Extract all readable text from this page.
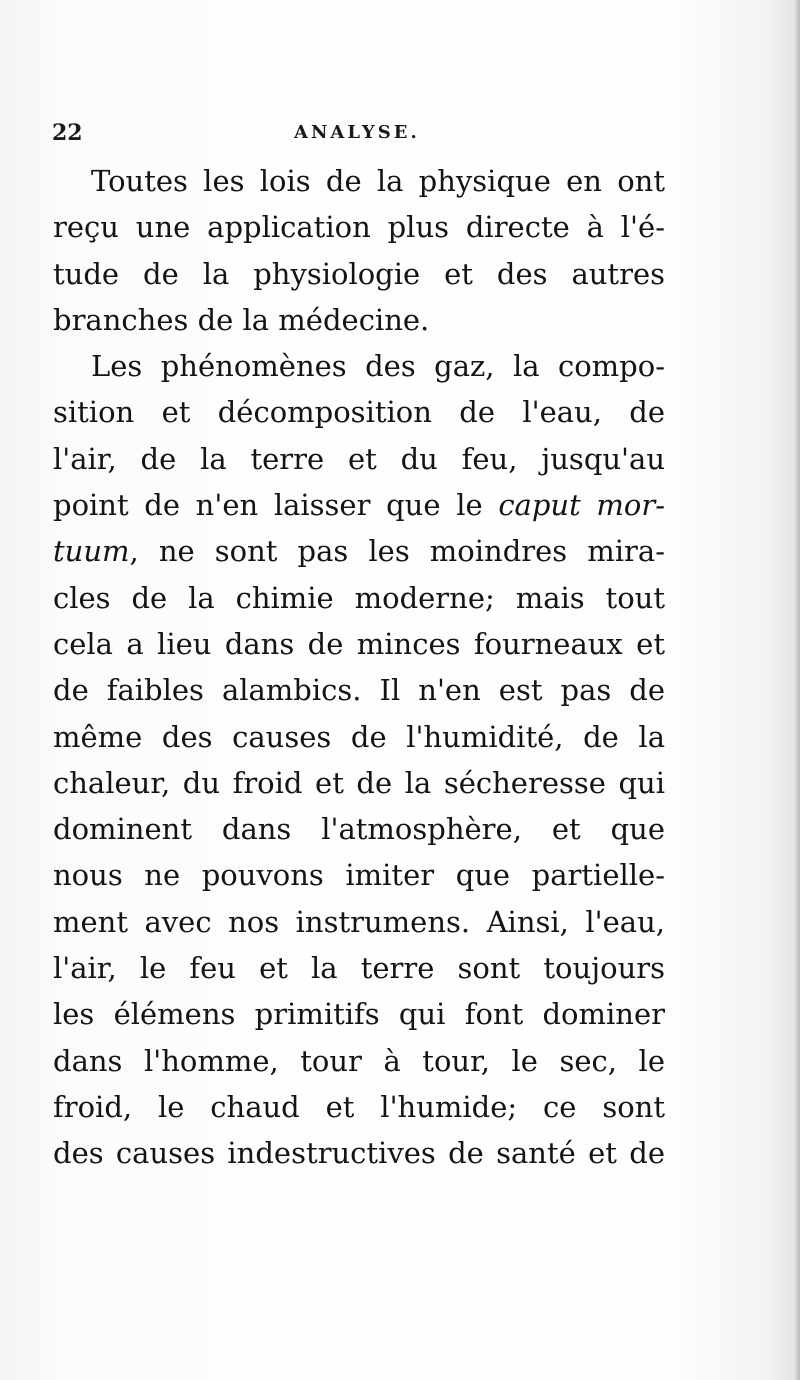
22	ANALYSE.
Toutes les lois de la physique en ont
reçu une application plus directe à l'é-
tude de la physiologie et des autres
branches de la médecine.
Les phénomènes des gaz, la compo-
sition et décomposition de l'eau, de
l'air, de la terre et du feu, jusqu'au
point de n'en laisser que le caput mor-
tuum, ne sont pas les moindres mira-
cles de la chimie moderne; mais tout
cela a lieu dans de minces fourneaux et
de faibles alambics. Il n'en est pas de
même des causes de l'humidité, de la
chaleur, du froid et de la sécheresse qui
dominent dans l'atmosphère, et que
nous ne pouvons imiter que partielle-
ment avec nos instrumens. Ainsi, l'eau,
l'air, le feu et la terre sont toujours
les élémens primitifs qui font dominer
dans l'homme, tour à tour, le sec, le
froid, le chaud et l'humide; ce sont
des causes indestructives de santé et de
